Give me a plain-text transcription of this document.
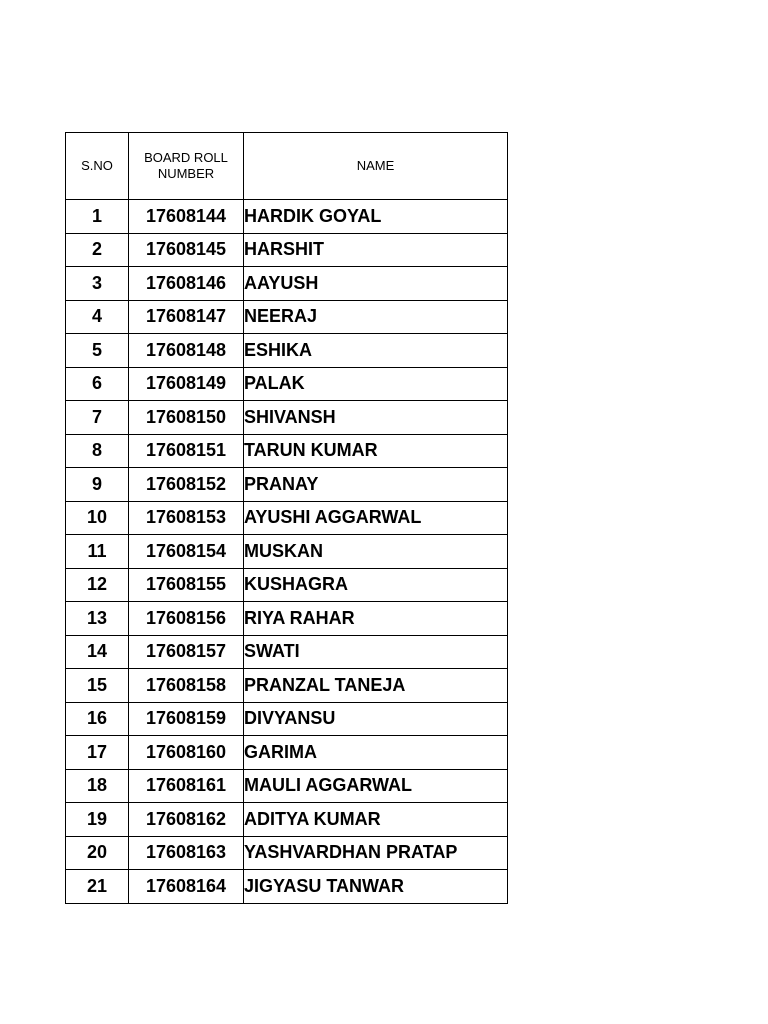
S.NO	BOARD ROLL NUMBER	NAME
1	17608144	HARDIK GOYAL
2	17608145	HARSHIT
3	17608146	AAYUSH
4	17608147	NEERAJ
5	17608148	ESHIKA
6	17608149	PALAK
7	17608150	SHIVANSH
8	17608151	TARUN KUMAR
9	17608152	PRANAY
10	17608153	AYUSHI AGGARWAL
11	17608154	MUSKAN
12	17608155	KUSHAGRA
13	17608156	RIYA RAHAR
14	17608157	SWATI
15	17608158	PRANZAL TANEJA
16	17608159	DIVYANSU
17	17608160	GARIMA
18	17608161	MAULI AGGARWAL
19	17608162	ADITYA KUMAR
20	17608163	YASHVARDHAN PRATAP
21	17608164	JIGYASU TANWAR
